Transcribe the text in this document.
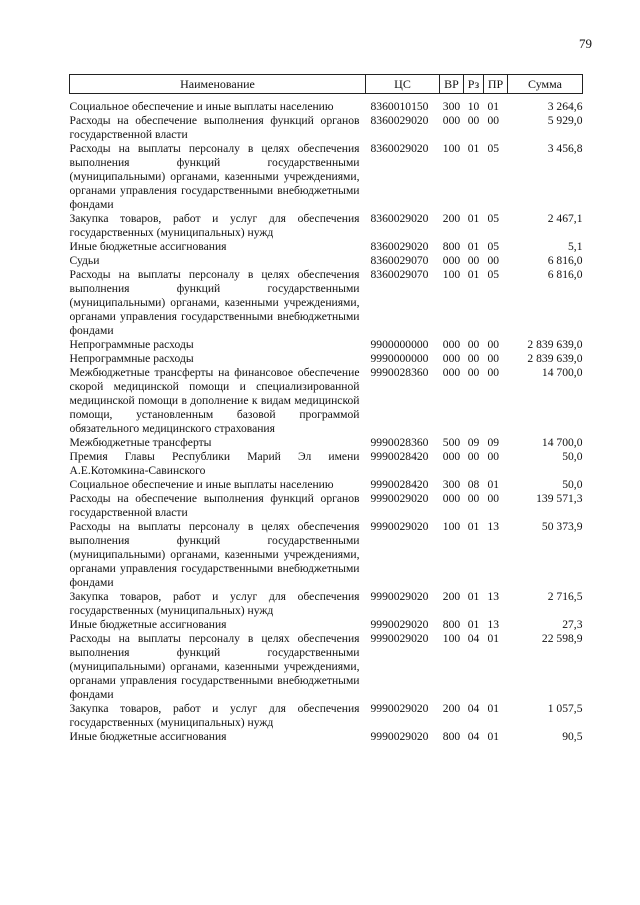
79
Наименование	ЦС	ВР	Рз	ПР	Сумма

Социальное обеспечение и иные выплаты населению	8360010150	300	10	01	3 264,6
Расходы на обеспечение выполнения функций органов государственной власти	8360029020	000	00	00	5 929,0
Расходы на выплаты персоналу в целях обеспечения выполнения функций государственными (муниципальными) органами, казенными учреждениями, органами управления государственными внебюджетными фондами	8360029020	100	01	05	3 456,8
Закупка товаров, работ и услуг для обеспечения государственных (муниципальных) нужд	8360029020	200	01	05	2 467,1
Иные бюджетные ассигнования	8360029020	800	01	05	5,1
Судьи	8360029070	000	00	00	6 816,0
Расходы на выплаты персоналу в целях обеспечения выполнения функций государственными (муниципальными) органами, казенными учреждениями, органами управления государственными внебюджетными фондами	8360029070	100	01	05	6 816,0
Непрограммные расходы	9900000000	000	00	00	2 839 639,0
Непрограммные расходы	9990000000	000	00	00	2 839 639,0
Межбюджетные трансферты на финансовое обеспечение скорой медицинской помощи и специализированной медицинской помощи в дополнение к видам медицинской помощи, установленным базовой программой обязательного медицинского страхования	9990028360	000	00	00	14 700,0
Межбюджетные трансферты	9990028360	500	09	09	14 700,0
Премия Главы Республики Марий Эл имени А.Е.Котомкина-Савинского	9990028420	000	00	00	50,0
Социальное обеспечение и иные выплаты населению	9990028420	300	08	01	50,0
Расходы на обеспечение выполнения функций органов государственной власти	9990029020	000	00	00	139 571,3
Расходы на выплаты персоналу в целях обеспечения выполнения функций государственными (муниципальными) органами, казенными учреждениями, органами управления государственными внебюджетными фондами	9990029020	100	01	13	50 373,9
Закупка товаров, работ и услуг для обеспечения государственных (муниципальных) нужд	9990029020	200	01	13	2 716,5
Иные бюджетные ассигнования	9990029020	800	01	13	27,3
Расходы на выплаты персоналу в целях обеспечения выполнения функций государственными (муниципальными) органами, казенными учреждениями, органами управления государственными внебюджетными фондами	9990029020	100	04	01	22 598,9
Закупка товаров, работ и услуг для обеспечения государственных (муниципальных) нужд	9990029020	200	04	01	1 057,5
Иные бюджетные ассигнования	9990029020	800	04	01	90,5
